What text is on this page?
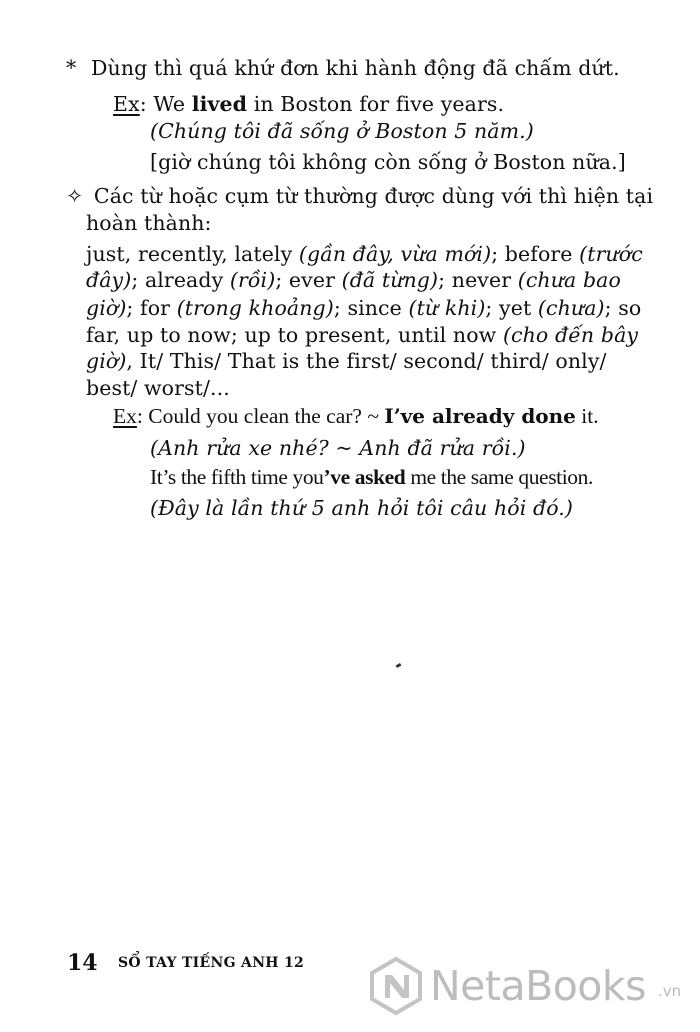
* Dùng thì quá khứ đơn khi hành động đã chấm dứt.
Ex: We lived in Boston for five years.
(Chúng tôi đã sống ở Boston 5 năm.)
[giờ chúng tôi không còn sống ở Boston nữa.]
✧ Các từ hoặc cụm từ thường được dùng với thì hiện tại
hoàn thành:
just, recently, lately (gần đây, vừa mới); before (trước
đây); already (rồi); ever (đã từng); never (chưa bao
giờ); for (trong khoảng); since (từ khi); yet (chưa); so
far, up to now; up to present, until now (cho đến bây
giờ), It/ This/ That is the first/ second/ third/ only/
best/ worst/...
Ex: Could you clean the car? ~ I’ve already done it.
(Anh rửa xe nhé? ~ Anh đã rửa rồi.)
It’s the fifth time you’ve asked me the same question.
(Đây là lần thứ 5 anh hỏi tôi câu hỏi đó.)
14 SỔ TAY TIẾNG ANH 12	NetaBooks .vn
